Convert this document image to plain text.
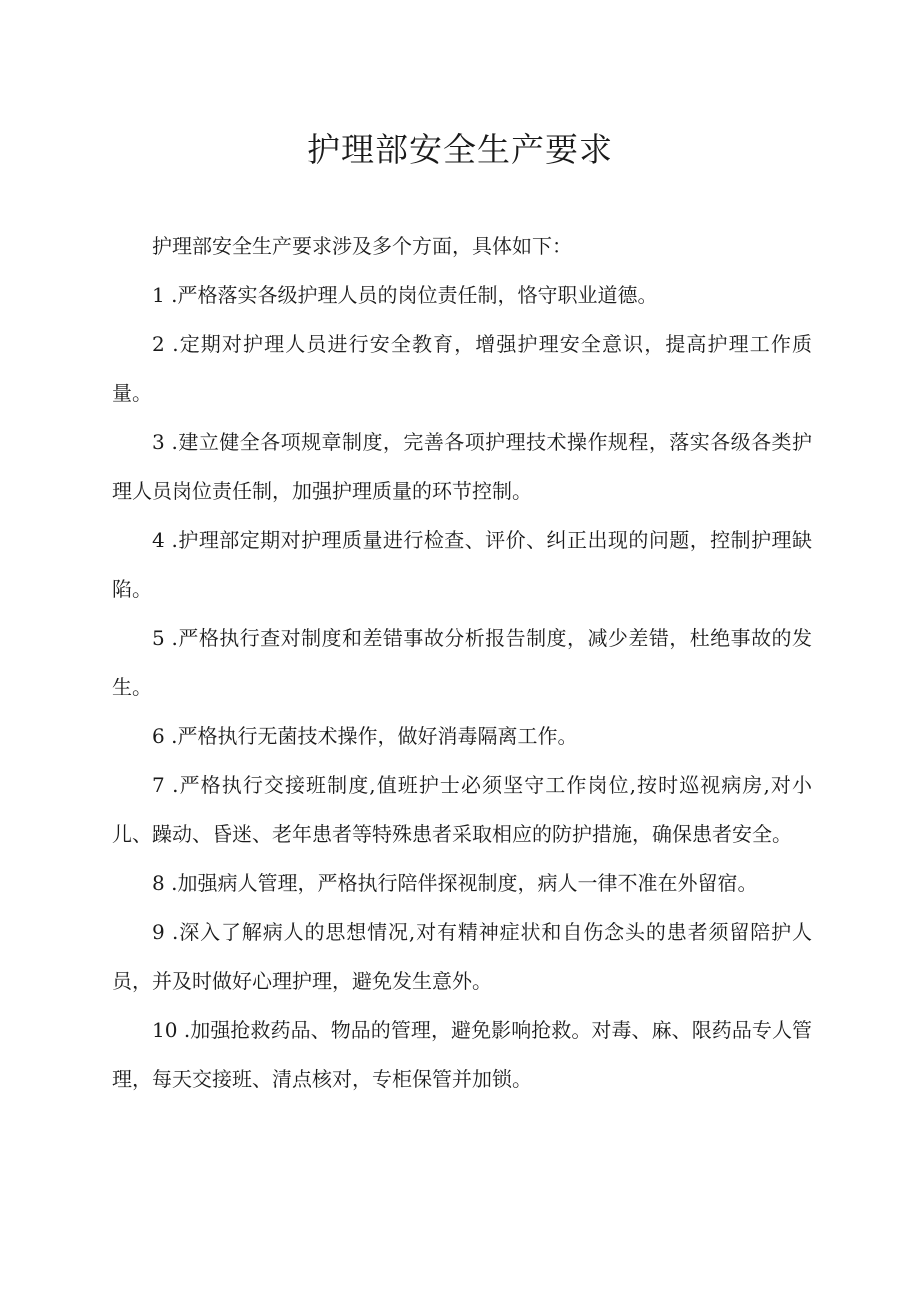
护理部安全生产要求

护理部安全生产要求涉及多个方面，具体如下：

1 .严格落实各级护理人员的岗位责任制，恪守职业道德。

2 .定期对护理人员进行安全教育，增强护理安全意识，提高护理工作质量。

3 .建立健全各项规章制度，完善各项护理技术操作规程，落实各级各类护理人员岗位责任制，加强护理质量的环节控制。

4 .护理部定期对护理质量进行检查、评价、纠正出现的问题，控制护理缺陷。

5 .严格执行查对制度和差错事故分析报告制度，减少差错，杜绝事故的发生。

6 .严格执行无菌技术操作，做好消毒隔离工作。

7 .严格执行交接班制度,值班护士必须坚守工作岗位,按时巡视病房,对小儿、躁动、昏迷、老年患者等特殊患者采取相应的防护措施，确保患者安全。

8 .加强病人管理，严格执行陪伴探视制度，病人一律不准在外留宿。

9 .深入了解病人的思想情况,对有精神症状和自伤念头的患者须留陪护人员，并及时做好心理护理，避免发生意外。

10 .加强抢救药品、物品的管理，避免影响抢救。对毒、麻、限药品专人管理，每天交接班、清点核对，专柜保管并加锁。
